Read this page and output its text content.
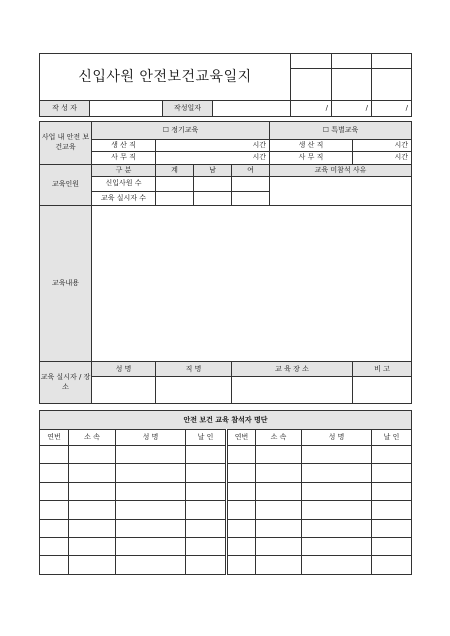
신입사원 안전보건교육일지						

작 성 자		작성일자		/	/	/
사업 내 안전 보건교육	☐ 정기교육				☐ 특별교육	
	생 산 직	시간			생 산 직	시간
	사 무 직	시간			사 무 직	시간
교육인원	구 분	계	남	여	교육 미참석 사유	
	신입사원 수					
	교육 실시자 수					
교육내용						
교육 실시자 / 장소	성 명	직 명		교 육 장 소		비 고

안전 보건 교육 참석자 명단							
연번	소 속	성 명	날 인	연번	소 속	성 명	날 인
